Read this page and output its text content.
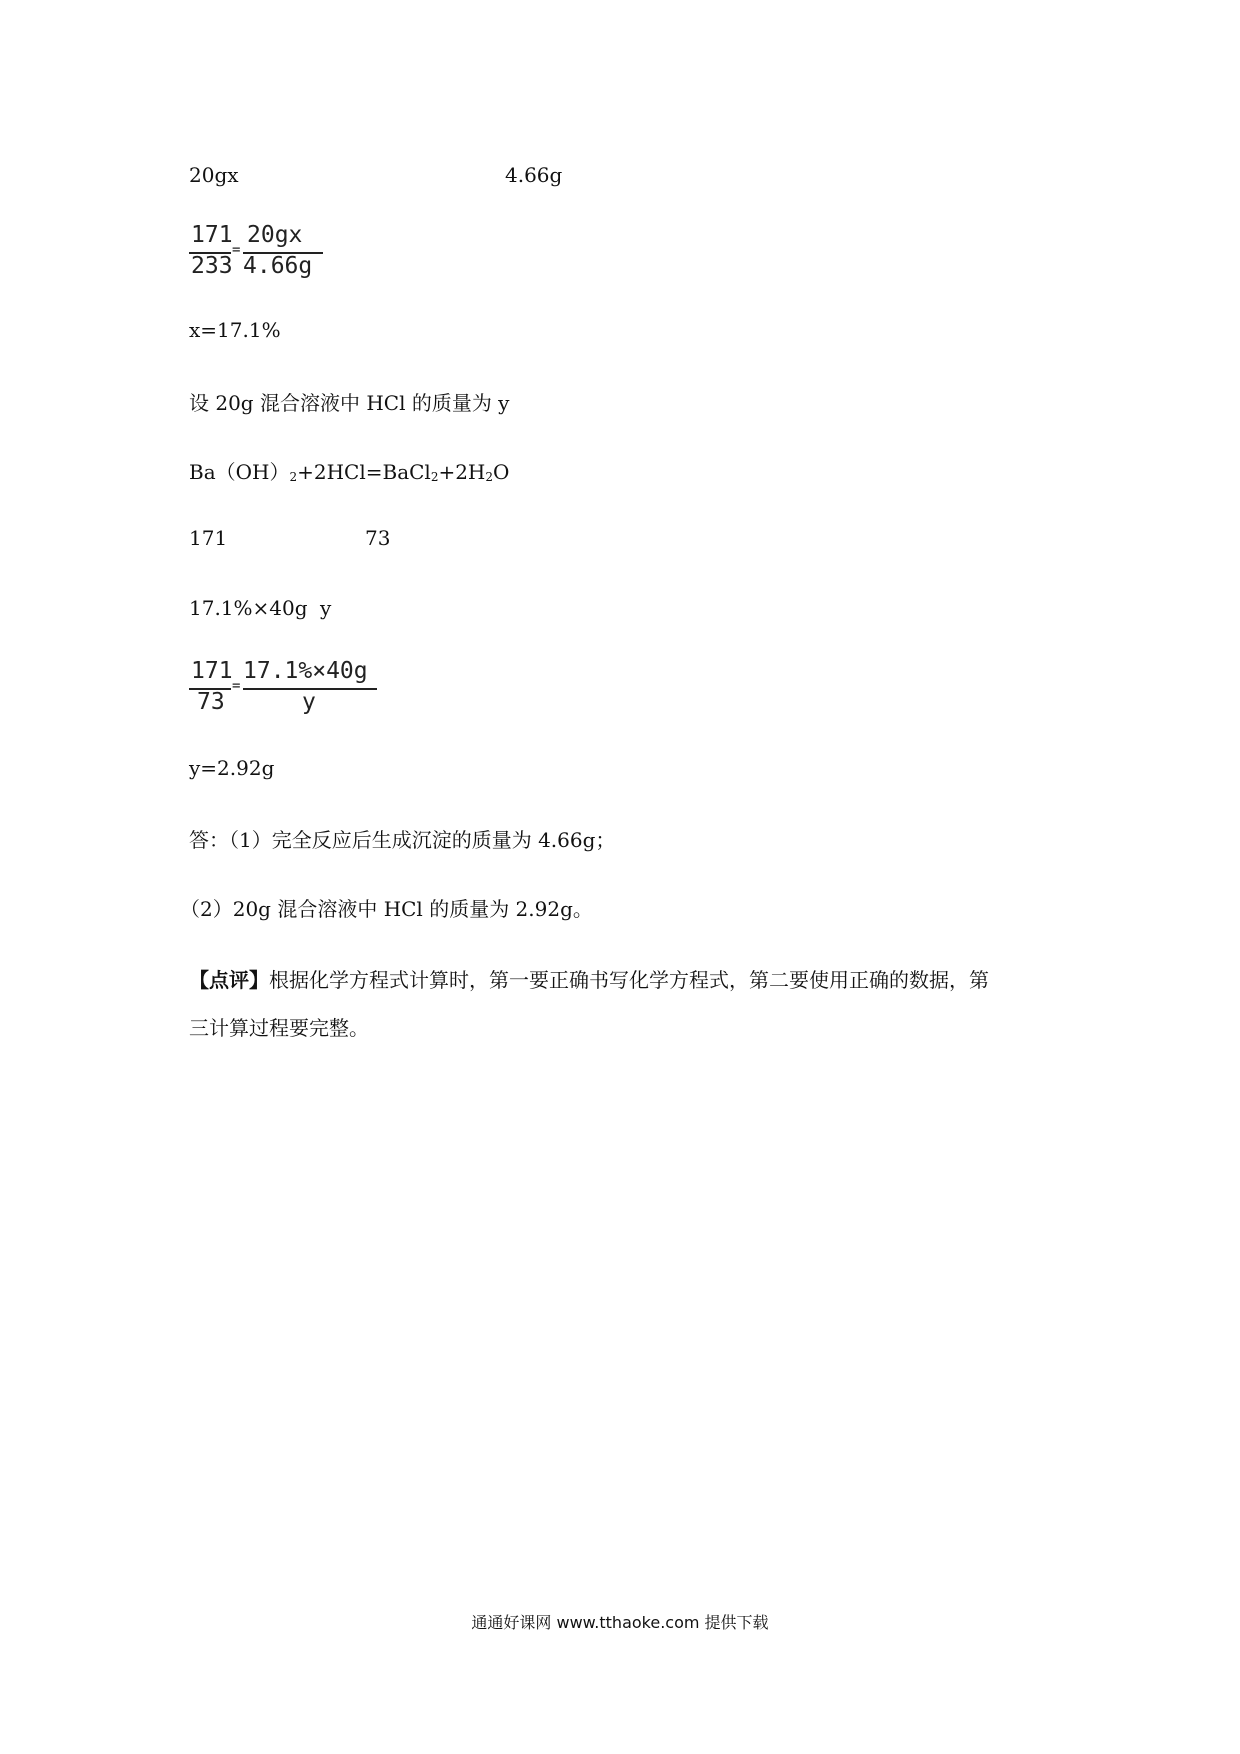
20gx	4.66g
171
233
=
20gx
4.66g
x=17.1%
设 20g 混合溶液中 HCl 的质量为 y
$Ba(OH)_2+2HCl=BaCl_2+2H_2O$
171	73
17.1%×40g y
171
73
=
17.1%×40g
y
y=2.92g
答：（1）完全反应后生成沉淀的质量为 4.66g；
（2）20g 混合溶液中 HCl 的质量为 2.92g。
【点评】根据化学方程式计算时，第一要正确书写化学方程式，第二要使用正确的数据，第
三计算过程要完整。
通通好课网 www.tthaoke.com 提供下载
